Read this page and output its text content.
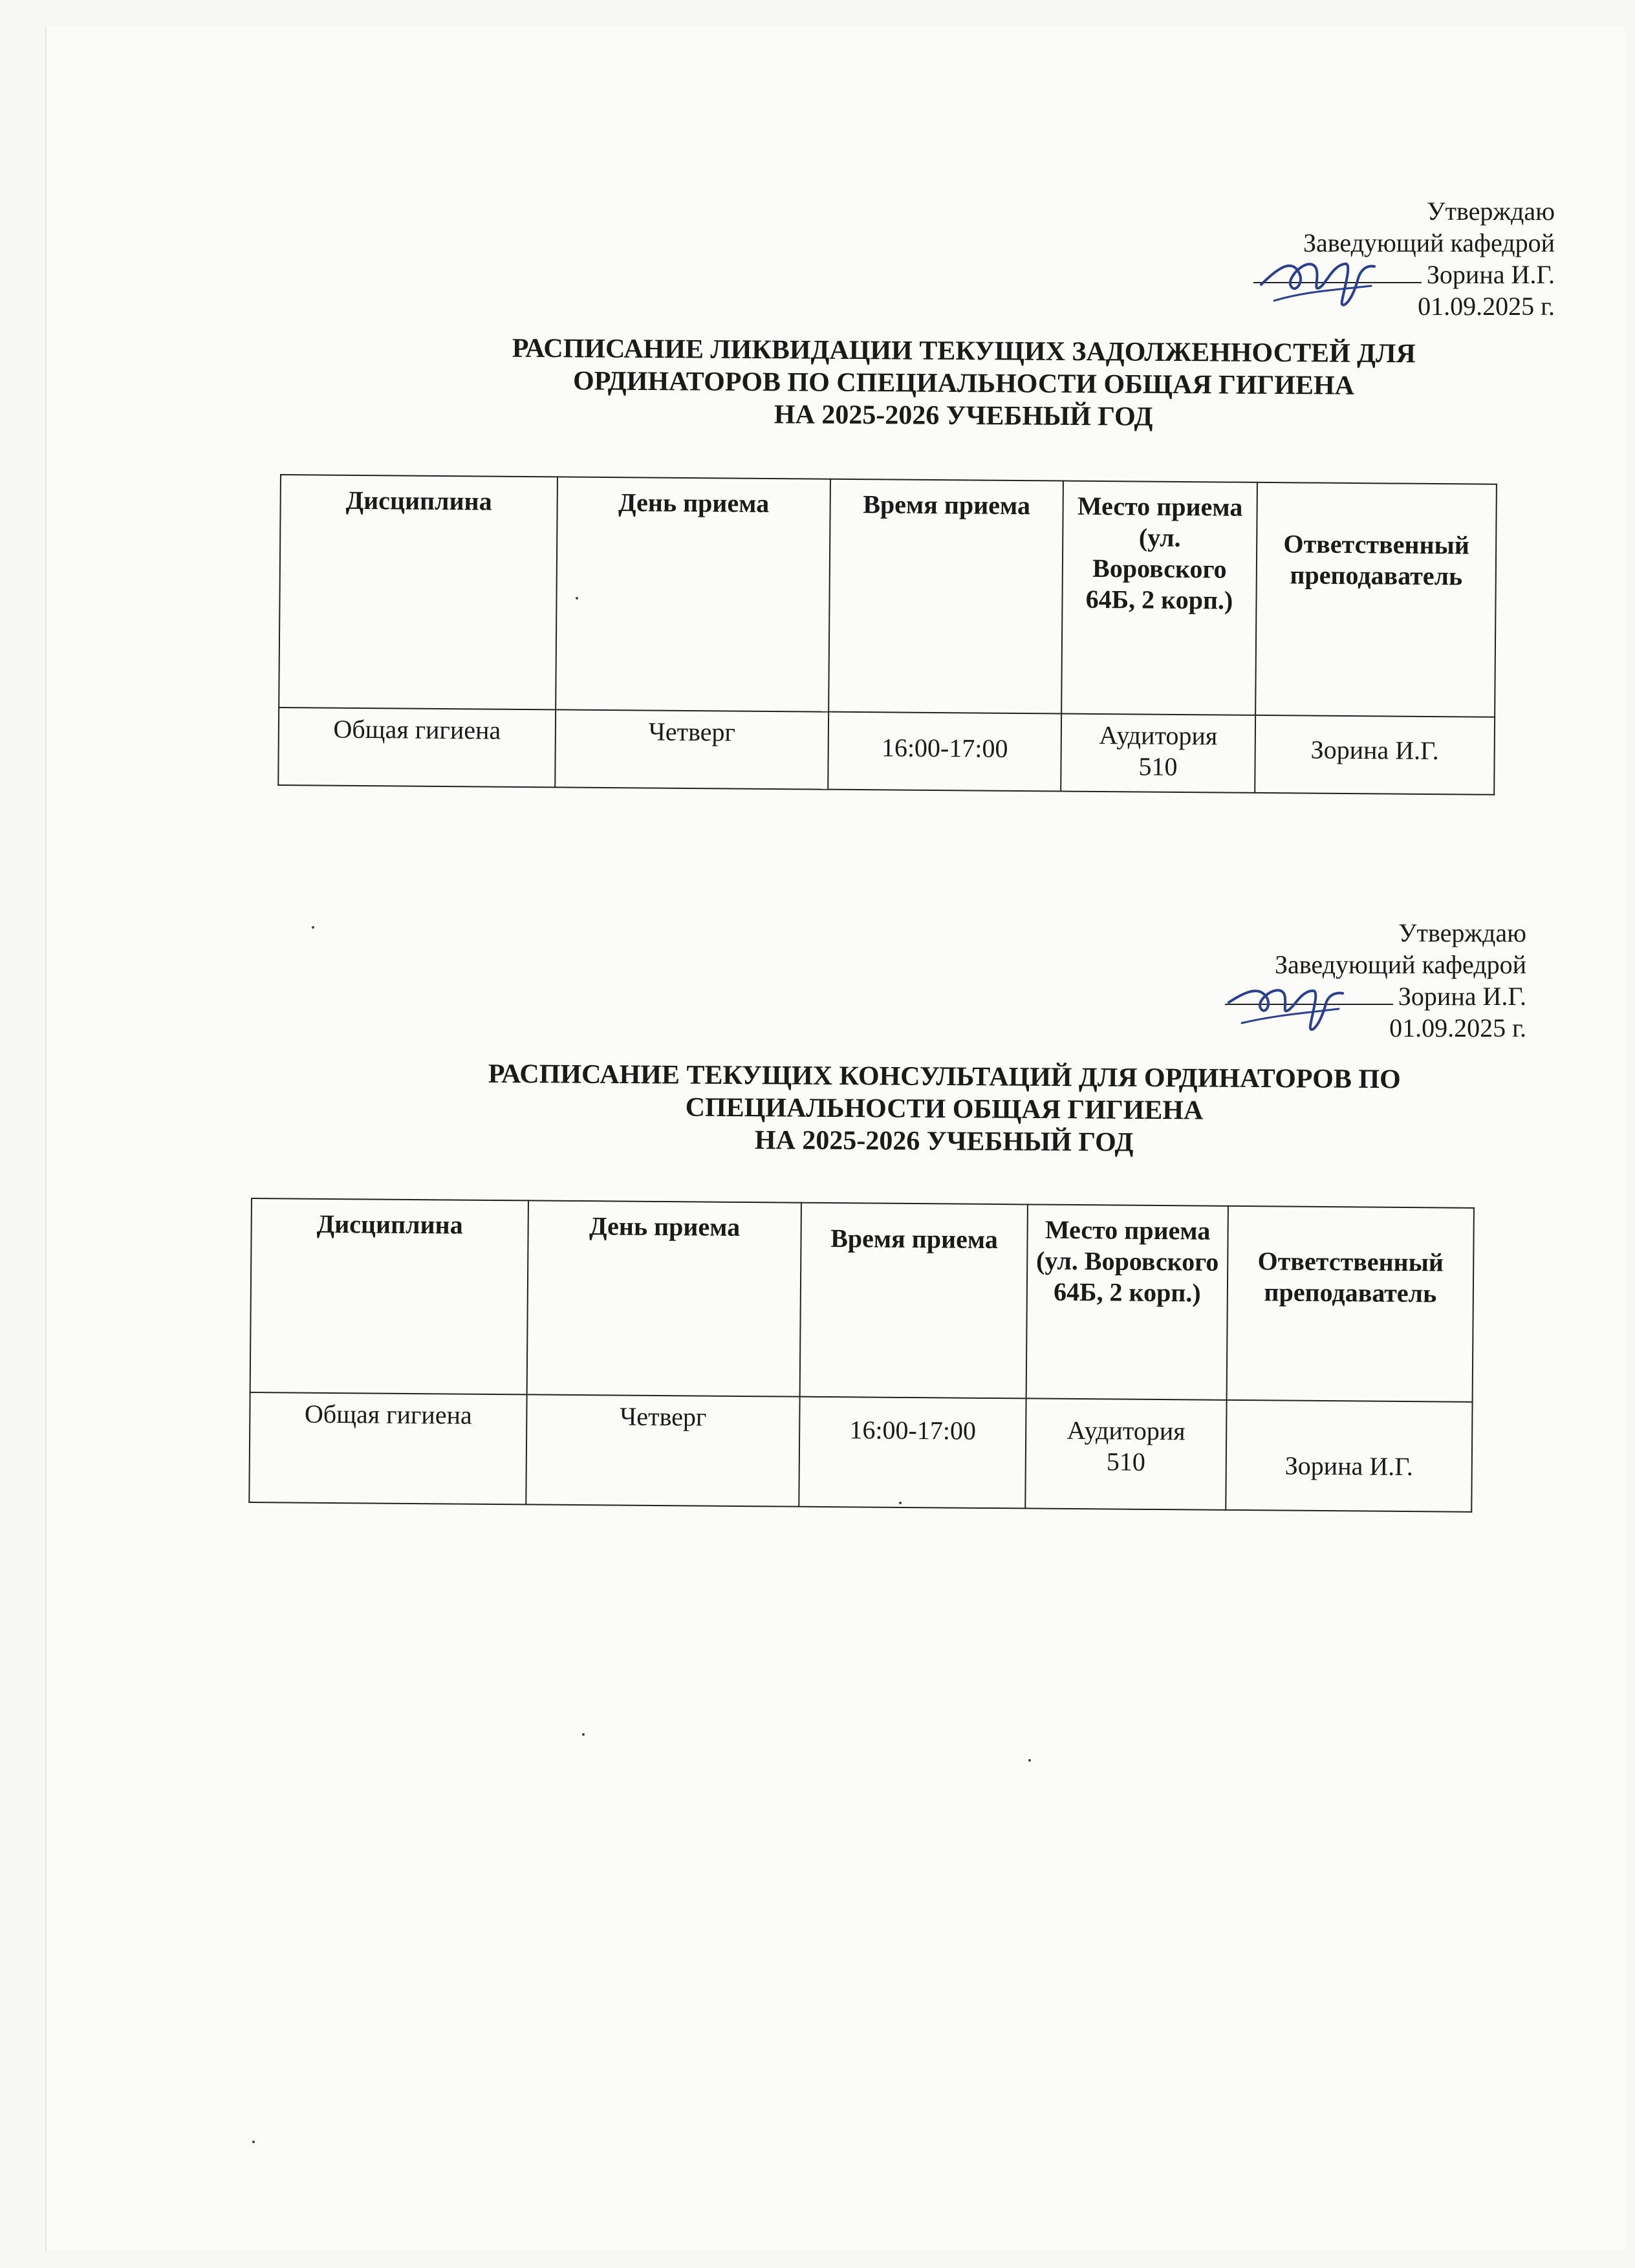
Утверждаю
Заведующий кафедрой
Зорина И.Г.
01.09.2025 г.
РАСПИСАНИЕ ЛИКВИДАЦИИ ТЕКУЩИХ ЗАДОЛЖЕННОСТЕЙ ДЛЯ
ОРДИНАТОРОВ ПО СПЕЦИАЛЬНОСТИ ОБЩАЯ ГИГИЕНА
НА 2025-2026 УЧЕБНЫЙ ГОД
Дисциплина	День приема	Время приема	Место приема (ул. Воровского 64Б, 2 корп.)	Ответственный преподаватель
Общая гигиена	Четверг	16:00-17:00	Аудитория 510	Зорина И.Г.
Утверждаю
Заведующий кафедрой
Зорина И.Г.
01.09.2025 г.
РАСПИСАНИЕ ТЕКУЩИХ КОНСУЛЬТАЦИЙ ДЛЯ ОРДИНАТОРОВ ПО
СПЕЦИАЛЬНОСТИ ОБЩАЯ ГИГИЕНА
НА 2025-2026 УЧЕБНЫЙ ГОД
Дисциплина	День приема	Время приема	Место приема (ул. Воровского 64Б, 2 корп.)	Ответственный преподаватель
Общая гигиена	Четверг	16:00-17:00	Аудитория 510	Зорина И.Г.
